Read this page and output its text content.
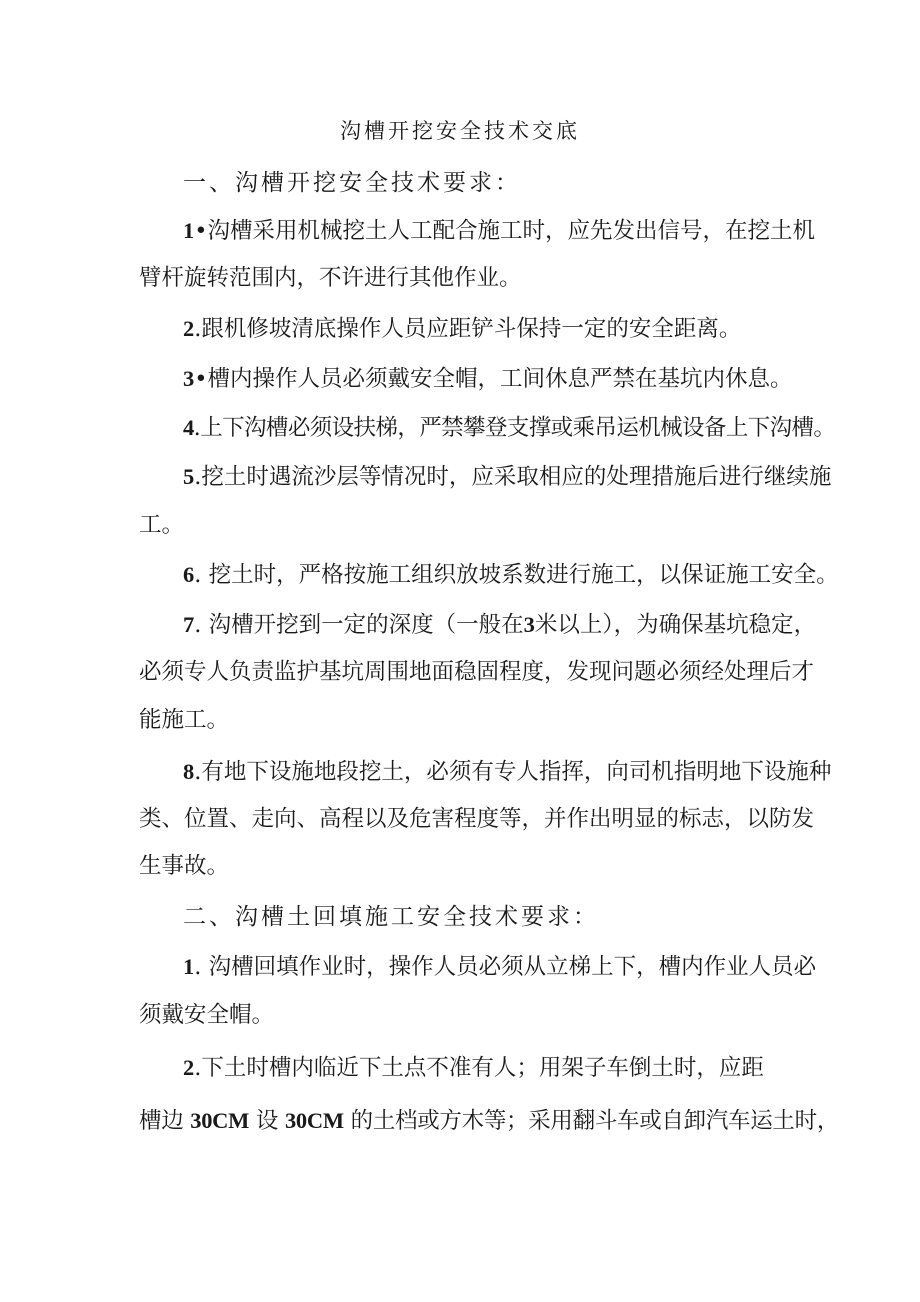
沟槽开挖安全技术交底
一、沟槽开挖安全技术要求：
1•沟槽采用机械挖土人工配合施工时，应先发出信号，在挖土机
臂杆旋转范围内，不许进行其他作业。
2.跟机修坡清底操作人员应距铲斗保持一定的安全距离。
3•槽内操作人员必须戴安全帽，工间休息严禁在基坑内休息。
4.上下沟槽必须设扶梯，严禁攀登支撑或乘吊运机械设备上下沟槽。
5.挖土时遇流沙层等情况时，应采取相应的处理措施后进行继续施
工。
6. 挖土时，严格按施工组织放坡系数进行施工，以保证施工安全。
7. 沟槽开挖到一定的深度（一般在3米以上），为确保基坑稳定，
必须专人负责监护基坑周围地面稳固程度，发现问题必须经处理后才
能施工。
8.有地下设施地段挖土，必须有专人指挥，向司机指明地下设施种
类、位置、走向、高程以及危害程度等，并作出明显的标志，以防发
生事故。
二、沟槽土回填施工安全技术要求：
1. 沟槽回填作业时，操作人员必须从立梯上下，槽内作业人员必
须戴安全帽。
2.下土时槽内临近下土点不准有人；用架子车倒土时，应距
槽边 30CM 设 30CM 的土档或方木等；采用翻斗车或自卸汽车运土时，
